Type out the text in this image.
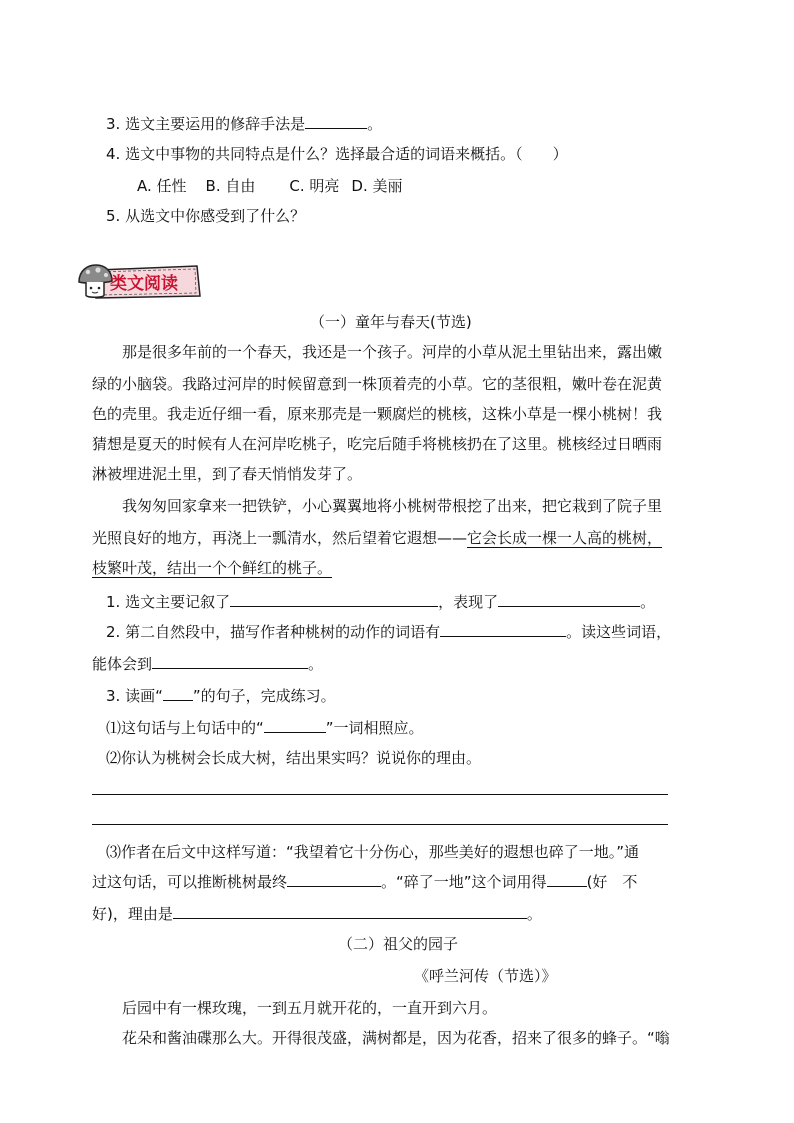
3. 选文主要运用的修辞手法是	。
4. 选文中事物的共同特点是什么？选择最合适的词语来概括。（　　）
A. 任性 B. 自由 C. 明亮 D. 美丽
5. 从选文中你感受到了什么？
类文阅读
（一）童年与春天(节选)
那是很多年前的一个春天，我还是一个孩子。河岸的小草从泥土里钻出来，露出嫩
绿的小脑袋。我路过河岸的时候留意到一株顶着壳的小草。它的茎很粗，嫩叶卷在泥黄
色的壳里。我走近仔细一看，原来那壳是一颗腐烂的桃核，这株小草是一棵小桃树！我
猜想是夏天的时候有人在河岸吃桃子，吃完后随手将桃核扔在了这里。桃核经过日晒雨
淋被埋进泥土里，到了春天悄悄发芽了。
我匆匆回家拿来一把铁铲，小心翼翼地将小桃树带根挖了出来，把它栽到了院子里
光照良好的地方，再浇上一瓢清水，然后望着它遐想——它会长成一棵一人高的桃树，
枝繁叶茂，结出一个个鲜红的桃子。
1. 选文主要记叙了	，表现了	。
2. 第二自然段中，描写作者种桃树的动作的词语有	。读这些词语，
能体会到	。
3. 读画“ ”的句子，完成练习。
⑴这句话与上句话中的“	”一词相照应。
⑵你认为桃树会长成大树，结出果实吗？说说你的理由。
⑶作者在后文中这样写道：“我望着它十分伤心，那些美好的遐想也碎了一地。”通
过这句话，可以推断桃树最终	。“碎了一地”这个词用得	(好　不
好)，理由是	。
（二）祖父的园子
《呼兰河传（节选）》
后园中有一棵玫瑰，一到五月就开花的，一直开到六月。
花朵和酱油碟那么大。开得很茂盛，满树都是，因为花香，招来了很多的蜂子。“嗡
